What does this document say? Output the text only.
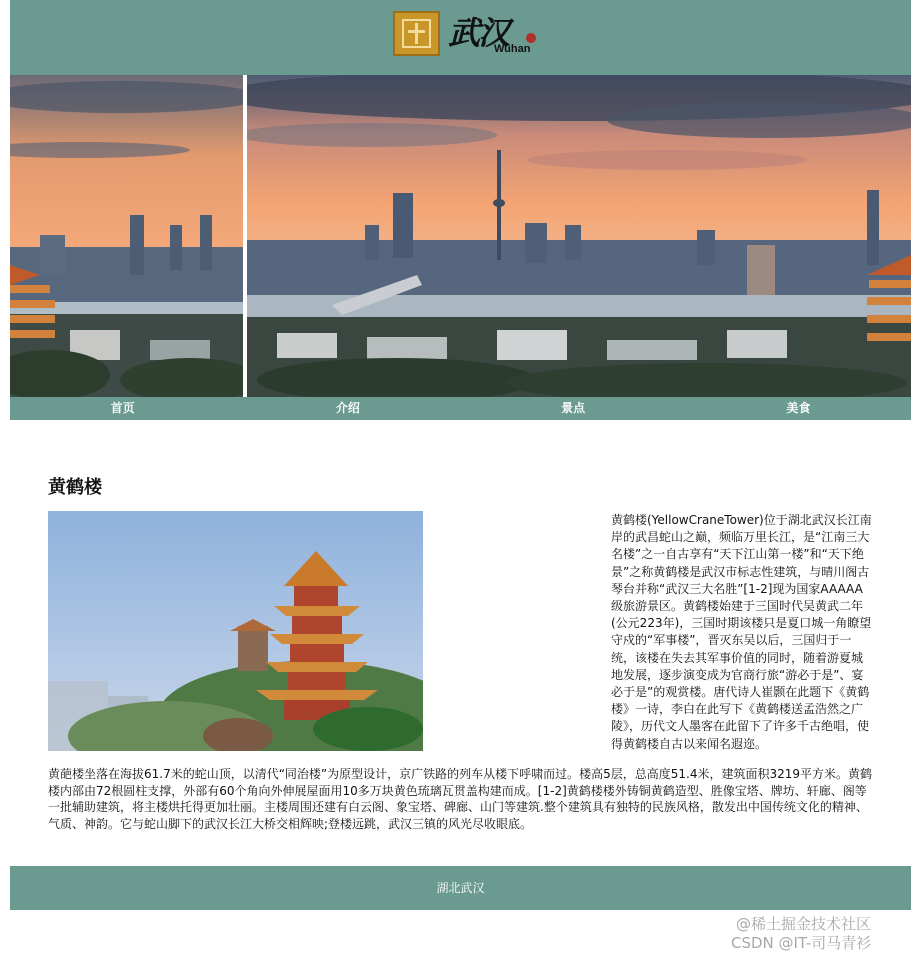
武汉
Wuhan
首页	介绍	景点	美食
黄鹤楼
黄鹤楼(YellowCraneTower)位于湖北武汉长江南岸的武昌蛇山之巅，频临万里长江，是“江南三大名楼”之一自古享有“天下江山第一楼”和“天下绝景”之称黄鹤楼是武汉市标志性建筑，与晴川阁古琴台并称“武汉三大名胜”[1-2]现为国家AAAAA级旅游景区。黄鹤楼始建于三国时代吴黄武二年(公元223年)，三国时期该楼只是夏口城一角瞭望守戍的“军事楼”，晋灭东吴以后，三国归于一统，该楼在失去其军事价值的同时，随着游夏城地发展，逐步演变成为官商行旅“游必于是”、宴必于是”的观赏楼。唐代诗人崔颢在此题下《黄鹤楼》一诗，李白在此写下《黄鹤楼送孟浩然之广陵》，历代文人墨客在此留下了许多千古绝唱，使得黄鹤楼自古以来闻名遐迩。
黄葩楼坐落在海拔61.7米的蛇山顶，以清代“同治楼”为原型设计，京广铁路的列车从楼下呼啸而过。楼高5层，总高度51.4米，建筑面积3219平方米。黄鹤楼内部由72根圆柱支撑，外部有60个角向外伸展屋面用10多万块黄色琉璃瓦贯盖构建而成。[1-2]黄鹤楼楼外铸铜黄鹤造型、胜像宝塔、牌坊、轩廊、阁等一批辅助建筑，将主楼烘托得更加壮丽。主楼周围还建有白云阁、象宝塔、碑廊、山门等建筑.整个建筑具有独特的民族风格，散发出中国传统文化的精神、气质、神韵。它与蛇山脚下的武汉长江大桥交相辉映;登楼远跳，武汉三镇的风光尽收眼底。
湖北武汉
@稀土掘金技术社区
CSDN @IT-司马青衫
